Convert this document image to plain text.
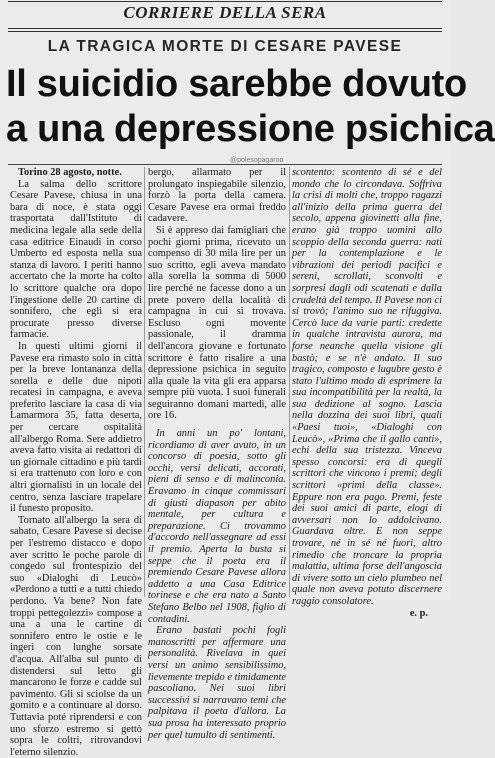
CORRIERE DELLA SERA
LA TRAGICA MORTE DI CESARE PAVESE
Il suicidio sarebbe dovuto
a una depressione psichica
@polesopagaroo

Torino 28 agosto, notte.

La salma dello scrittore Cesare Pavese, chiusa in una bara di noce, è stata oggi trasportata dall'Istituto di medicina legale alla sede della casa editrice Einaudi in corso Umberto ed esposta nella sua stanza di lavoro. I periti hanno accertato che la morte ha colto lo scrittore qualche ora dopo l'ingestione delle 20 cartine di sonnifero, che egli si era procurate presso diverse farmacie.

In questi ultimi giorni il Pavese era rimasto solo in città per la breve lontananza della sorella e delle due nipoti recatesi in campagna, e aveva preferito lasciare la casa di via Lamarmora 35, fatta deserta, per cercare ospitalità all'albergo Roma. Sere addietro aveva fatto visita ai redattori di un giornale cittadino e più tardi si era trattenuto con loro e con altri giornalisti in un locale del centro, senza lasciare trapelare il funesto proposito.

Tornato all'albergo la sera di sabato, Cesare Pavese si decise per l'estremo distacco e dopo aver scritto le poche parole di congedo sul frontespizio del suo «Dialoghi di Leucò» «Perdono a tutti e a tutti chiedo perdono. Va bene? Non fate troppi pettegolezzi» compose a una a una le cartine di sonnifero entro le ostie e le ingerì con lunghe sorsate d'acqua. All'alba sul punto di distendersi sul letto gli mancarono le forze e cadde sul pavimento. Gli si sciolse da un gomito e a continuare al dorso. Tuttavia poté riprendersi e con uno sforzo estremo si gettò sopra le coltri, ritrovandovi l'eterno silenzio.

bergo, allarmato per il prolungato inspiegabile silenzio, forzò la porta della camera. Cesare Pavese era ormai freddo cadavere.

Si è appreso dai famigliari che pochi giorni prima, ricevuto un compenso di 30 mila lire per un suo scritto, egli aveva mandato alla sorella la somma di 5000 lire perché ne facesse dono a un prete povero della località di campagna in cui si trovava. Escluso ogni movente passionale, il dramma dell'ancora giovane e fortunato scrittore è fatto risalire a una depressione psichica in seguito alla quale la vita gli era apparsa sempre più vuota. I suoi funerali seguiranno domani martedì, alle ore 16.

In anni un po' lontani, ricordiamo di aver avuto, in un concorso di poesia, sotto gli occhi, versi delicati, accorati, pieni di senso e di malinconia. Eravamo in cinque commissari di giusti diapason per abito mentale, per cultura e preparazione. Ci trovammo d'accordo nell'assegnare ad essi il premio. Aperta la busta si seppe che il poeta era il premiendo Cesare Pavese allora addetto a una Casa Editrice torinese e che era nato a Santo Stefano Belbo nel 1908, figlio di contadini.

Erano bastati pochi fogli manoscritti per affermare una personalità. Rivelava in quei versi un animo sensibilissimo, lievemente trepido e timidamente pascoliano. Nei suoi libri successivi si narravano temi che palpitava il poeta d'allora. La sua prosa ha interessato proprio per quel tumulto di sentimenti.

scontento: scontento di sé e del mondo che lo circondava. Soffriva la crisi di molti che, troppo ragazzi all'inizio della prima guerra del secolo, appena giovinetti alla fine, erano già troppo uomini allo scoppio della seconda guerra: nati per la contemplazione e le vibrazioni dei periodi pacifici e sereni, scrollati, sconvolti e sorpresi dagli odi scatenati e dalla crudeltà del tempo. Il Pavese non ci si trovò; l'animo suo ne rifuggiva. Cercò luce da varie parti: credette in qualche intravista aurora, ma forse neanche quella visione gli bastò; e se n'è andato. Il suo tragico, composto e lugubre gesto è stato l'ultimo modo di esprimere la sua incompatibilità per la realtà, la sua dedizione al sogno. Lascia nella dozzina dei suoi libri, quali «Paesi tuoi», «Dialoghi con Leucò», «Prima che il gallo canti», echi della sua tristezza. Vinceva spesso concorsi: era di quegli scrittori che vincono i premi; degli scrittori «primi della classe». Eppure non era pago. Premi, feste dei suoi amici di parte, elogi di avversari non lo addolcivano. Guardava oltre. E non seppe trovare, né in sé né fuori, altro rimedio che troncare la propria malattia, ultima forse dell'angoscia di vivere sotto un cielo plumbeo nel quale non aveva potuto discernere raggio consolatore.

e. p.
